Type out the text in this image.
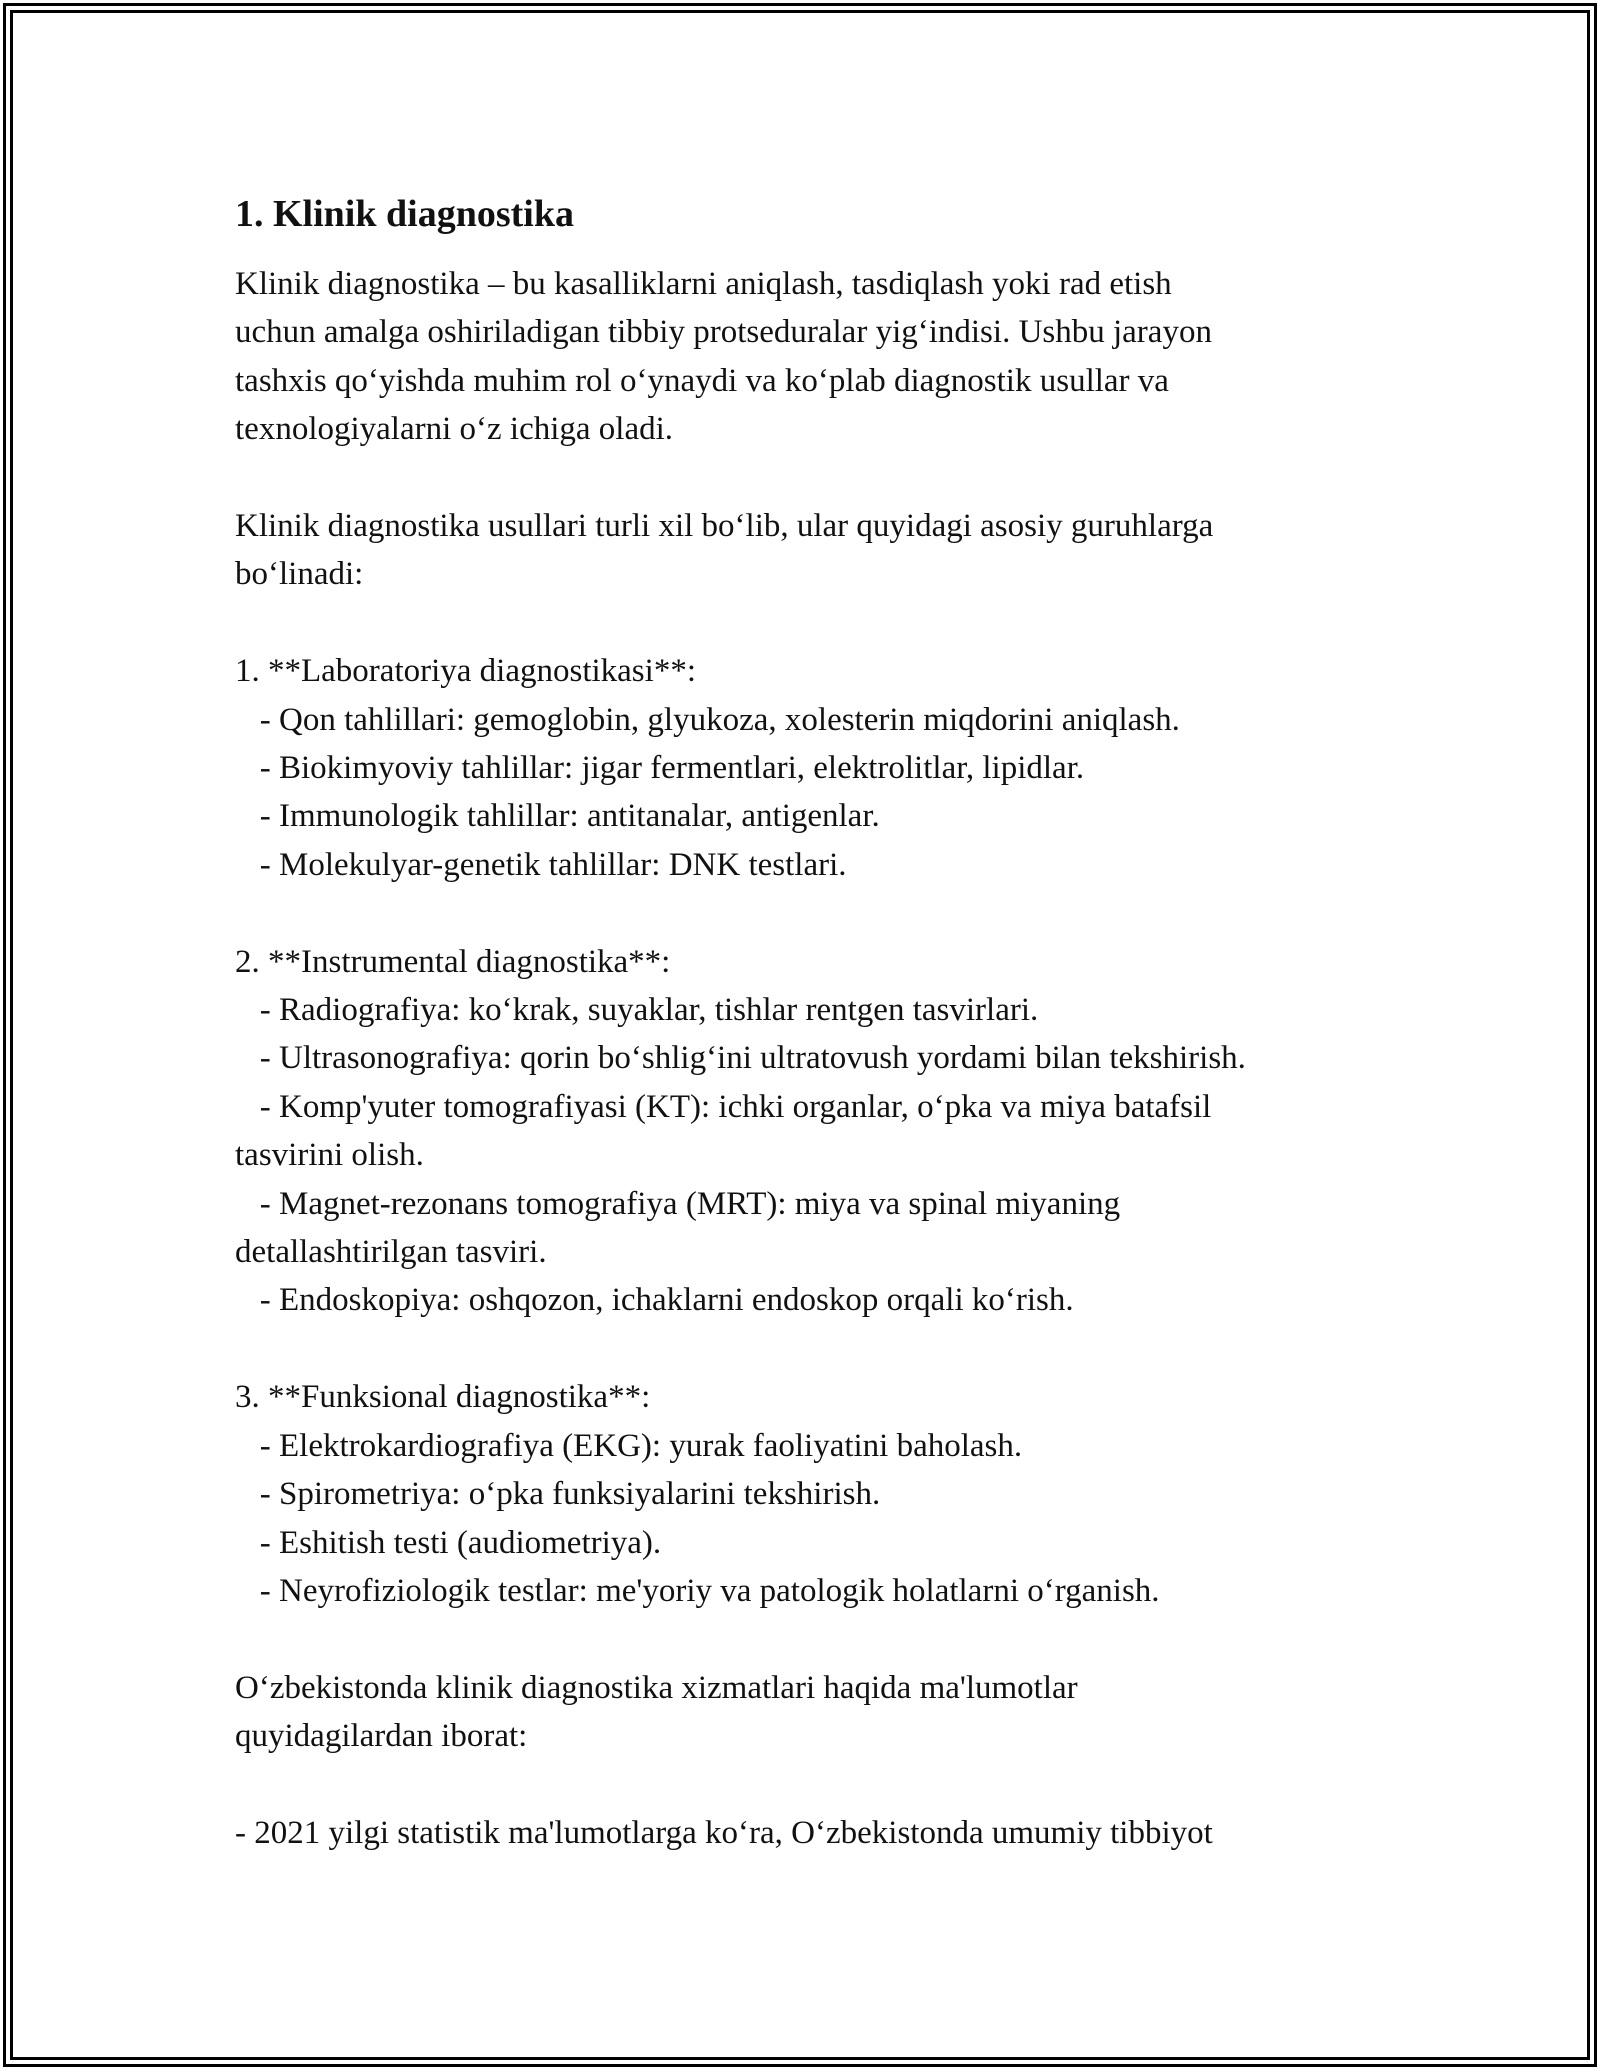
1. Klinik diagnostika
Klinik diagnostika – bu kasalliklarni aniqlash, tasdiqlash yoki rad etish
uchun amalga oshiriladigan tibbiy protseduralar yig‘indisi. Ushbu jarayon
tashxis qo‘yishda muhim rol o‘ynaydi va ko‘plab diagnostik usullar va
texnologiyalarni o‘z ichiga oladi.
Klinik diagnostika usullari turli xil bo‘lib, ular quyidagi asosiy guruhlarga
bo‘linadi:
1. **Laboratoriya diagnostikasi**:
- Qon tahlillari: gemoglobin, glyukoza, xolesterin miqdorini aniqlash.
- Biokimyoviy tahlillar: jigar fermentlari, elektrolitlar, lipidlar.
- Immunologik tahlillar: antitanalar, antigenlar.
- Molekulyar-genetik tahlillar: DNK testlari.
2. **Instrumental diagnostika**:
- Radiografiya: ko‘krak, suyaklar, tishlar rentgen tasvirlari.
- Ultrasonografiya: qorin bo‘shlig‘ini ultratovush yordami bilan tekshirish.
- Komp'yuter tomografiyasi (KT): ichki organlar, o‘pka va miya batafsil
tasvirini olish.
- Magnet-rezonans tomografiya (MRT): miya va spinal miyaning
detallashtirilgan tasviri.
- Endoskopiya: oshqozon, ichaklarni endoskop orqali ko‘rish.
3. **Funksional diagnostika**:
- Elektrokardiografiya (EKG): yurak faoliyatini baholash.
- Spirometriya: o‘pka funksiyalarini tekshirish.
- Eshitish testi (audiometriya).
- Neyrofiziologik testlar: me'yoriy va patologik holatlarni o‘rganish.
O‘zbekistonda klinik diagnostika xizmatlari haqida ma'lumotlar
quyidagilardan iborat:
- 2021 yilgi statistik ma'lumotlarga ko‘ra, O‘zbekistonda umumiy tibbiyot
